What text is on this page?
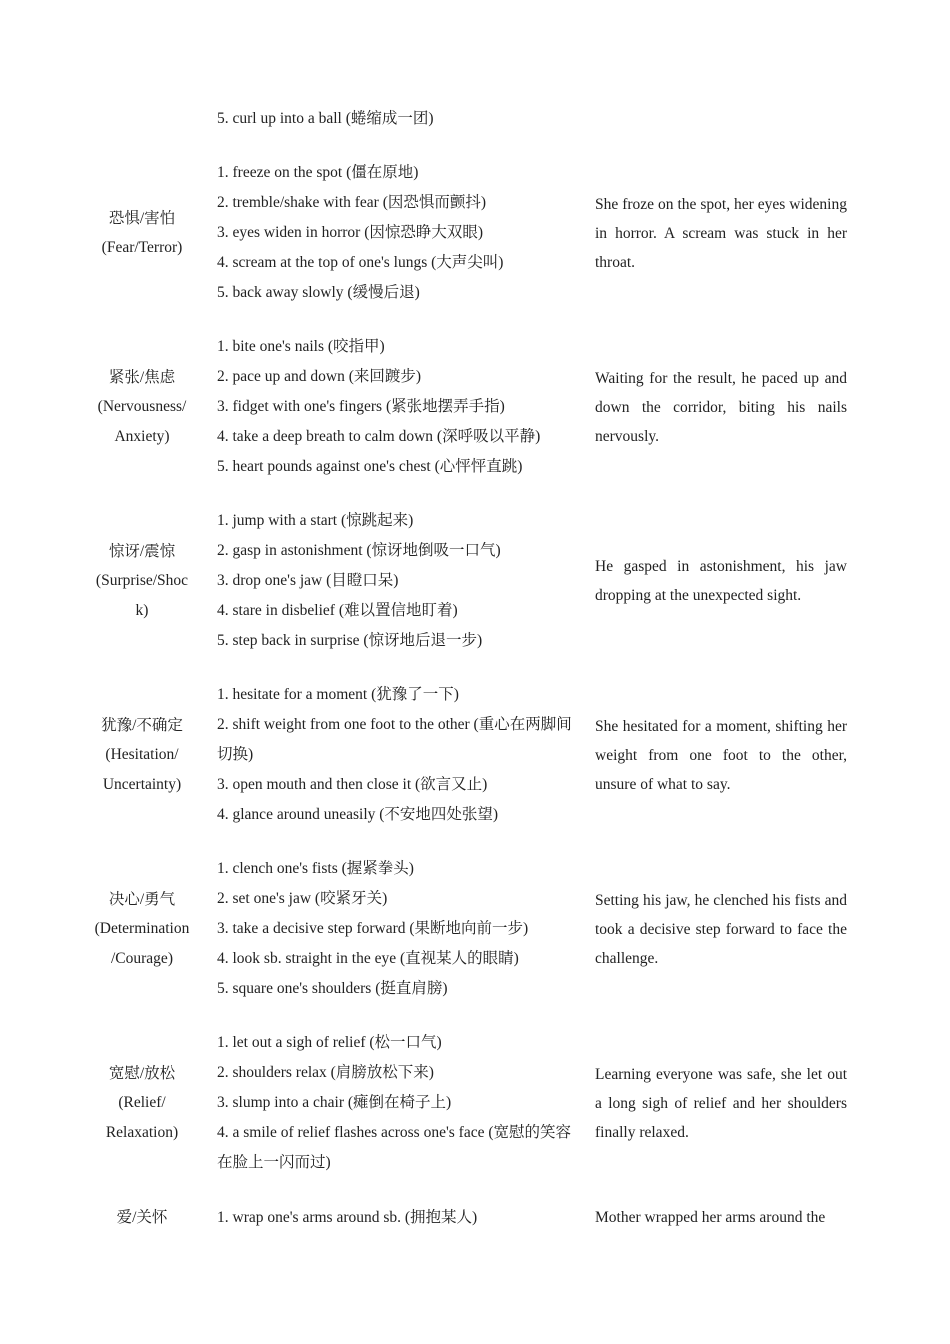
5. curl up into a ball (蜷缩成一团)
恐惧/害怕
(Fear/Terror)
1. freeze on the spot (僵在原地)
2. tremble/shake with fear (因恐惧而颤抖)
3. eyes widen in horror (因惊恐睁大双眼)
4. scream at the top of one's lungs (大声尖叫)
5. back away slowly (缓慢后退)
She froze on the spot, her eyes widening in horror. A scream was stuck in her throat.
紧张/焦虑
(Nervousness/
Anxiety)
1. bite one's nails (咬指甲)
2. pace up and down (来回踱步)
3. fidget with one's fingers (紧张地摆弄手指)
4. take a deep breath to calm down (深呼吸以平静)
5. heart pounds against one's chest (心怦怦直跳)
Waiting for the result, he paced up and down the corridor, biting his nails nervously.
惊讶/震惊
(Surprise/Shoc
k)
1. jump with a start (惊跳起来)
2. gasp in astonishment (惊讶地倒吸一口气)
3. drop one's jaw (目瞪口呆)
4. stare in disbelief (难以置信地盯着)
5. step back in surprise (惊讶地后退一步)
He gasped in astonishment, his jaw dropping at the unexpected sight.
犹豫/不确定
(Hesitation/
Uncertainty)
1. hesitate for a moment (犹豫了一下)
2. shift weight from one foot to the other (重心在两脚间切换)
3. open mouth and then close it (欲言又止)
4. glance around uneasily (不安地四处张望)
She hesitated for a moment, shifting her weight from one foot to the other, unsure of what to say.
决心/勇气
(Determination
/Courage)
1. clench one's fists (握紧拳头)
2. set one's jaw (咬紧牙关)
3. take a decisive step forward (果断地向前一步)
4. look sb. straight in the eye (直视某人的眼睛)
5. square one's shoulders (挺直肩膀)
Setting his jaw, he clenched his fists and took a decisive step forward to face the challenge.
宽慰/放松
(Relief/
Relaxation)
1. let out a sigh of relief (松一口气)
2. shoulders relax (肩膀放松下来)
3. slump into a chair (瘫倒在椅子上)
4. a smile of relief flashes across one's face (宽慰的笑容在脸上一闪而过)
Learning everyone was safe, she let out a long sigh of relief and her shoulders finally relaxed.
爱/关怀	1. wrap one's arms around sb. (拥抱某人)	Mother wrapped her arms around the
